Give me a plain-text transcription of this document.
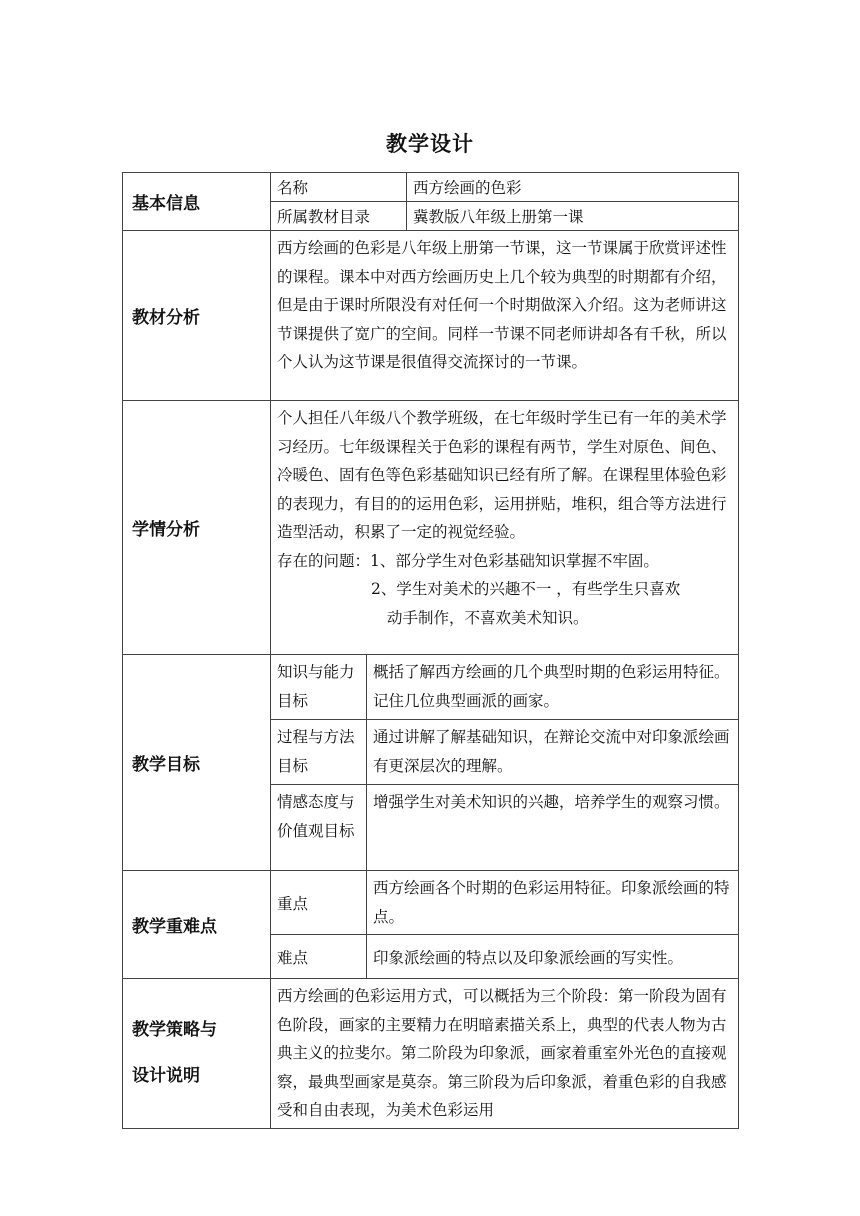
教学设计
基本信息	名称		西方绘画的色彩
	所属教材目录		冀教版八年级上册第一课
教材分析	西方绘画的色彩是八年级上册第一节课，这一节课属于欣赏评述性的课程。课本中对西方绘画历史上几个较为典型的时期都有介绍，但是由于课时所限没有对任何一个时期做深入介绍。这为老师讲这节课提供了宽广的空间。同样一节课不同老师讲却各有千秋，所以个人认为这节课是很值得交流探讨的一节课。		

学情分析	个人担任八年级八个教学班级，在七年级时学生已有一年的美术学习经历。七年级课程关于色彩的课程有两节，学生对原色、间色、冷暖色、固有色等色彩基础知识已经有所了解。在课程里体验色彩的表现力，有目的的运用色彩，运用拼贴，堆积，组合等方法进行造型活动，积累了一定的视觉经验。

存在的问题：1、部分学生对色彩基础知识掌握不牢固。

2、学生对美术的兴趣不一 ，有些学生只喜欢

动手制作，不喜欢美术知识。		

教学目标	知识与能力目标	概括了解西方绘画的几个典型时期的色彩运用特征。记住几位典型画派的画家。	
	过程与方法目标	通过讲解了解基础知识，在辩论交流中对印象派绘画有更深层次的理解。	
	情感态度与价值观目标	增强学生对美术知识的兴趣，培养学生的观察习惯。	
教学重难点	重点	西方绘画各个时期的色彩运用特征。印象派绘画的特点。	
	难点	印象派绘画的特点以及印象派绘画的写实性。	

教学策略与
设计说明	西方绘画的色彩运用方式，可以概括为三个阶段：第一阶段为固有色阶段，画家的主要精力在明暗素描关系上，典型的代表人物为古典主义的拉斐尔。第二阶段为印象派，画家着重室外光色的直接观察，最典型画家是莫奈。第三阶段为后印象派，着重色彩的自我感受和自由表现，为美术色彩运用		
